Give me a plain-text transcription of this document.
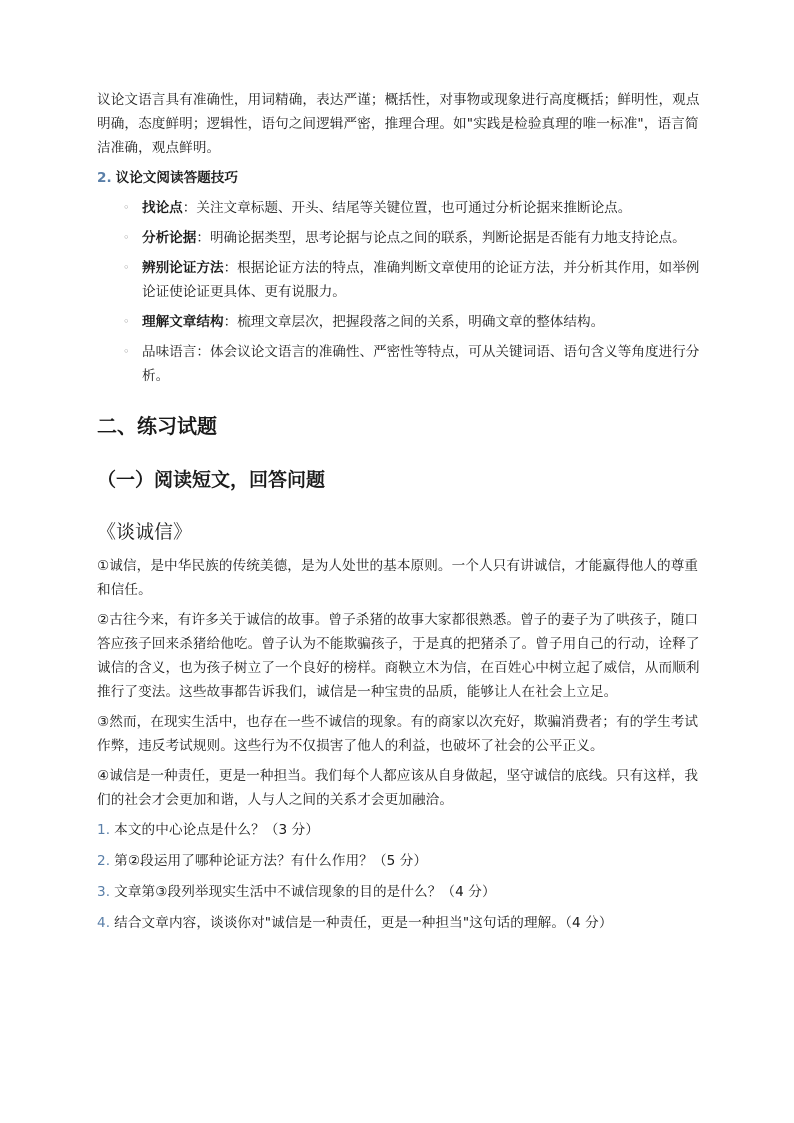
议论文语言具有准确性，用词精确，表达严谨；概括性，对事物或现象进行高度概括；鲜明性，观点明确，态度鲜明；逻辑性，语句之间逻辑严密，推理合理。如"实践是检验真理的唯一标准"，语言简洁准确，观点鲜明。

2. 议论文阅读答题技巧

◦ 找论点：关注文章标题、开头、结尾等关键位置，也可通过分析论据来推断论点。
◦ 分析论据：明确论据类型，思考论据与论点之间的联系，判断论据是否能有力地支持论点。
◦ 辨别论证方法：根据论证方法的特点，准确判断文章使用的论证方法，并分析其作用，如举例论证使论证更具体、更有说服力。
◦ 理解文章结构：梳理文章层次，把握段落之间的关系，明确文章的整体结构。
◦ 品味语言：体会议论文语言的准确性、严密性等特点，可从关键词语、语句含义等角度进行分析。
二、练习试题
（一）阅读短文，回答问题
《谈诚信》

①诚信，是中华民族的传统美德，是为人处世的基本原则。一个人只有讲诚信，才能赢得他人的尊重和信任。

②古往今来，有许多关于诚信的故事。曾子杀猪的故事大家都很熟悉。曾子的妻子为了哄孩子，随口答应孩子回来杀猪给他吃。曾子认为不能欺骗孩子，于是真的把猪杀了。曾子用自己的行动，诠释了诚信的含义，也为孩子树立了一个良好的榜样。商鞅立木为信，在百姓心中树立起了威信，从而顺利推行了变法。这些故事都告诉我们，诚信是一种宝贵的品质，能够让人在社会上立足。

③然而，在现实生活中，也存在一些不诚信的现象。有的商家以次充好，欺骗消费者；有的学生考试作弊，违反考试规则。这些行为不仅损害了他人的利益，也破坏了社会的公平正义。

④诚信是一种责任，更是一种担当。我们每个人都应该从自身做起，坚守诚信的底线。只有这样，我们的社会才会更加和谐，人与人之间的关系才会更加融洽。

1. 本文的中心论点是什么？（3 分）

2. 第②段运用了哪种论证方法？有什么作用？（5 分）

3. 文章第③段列举现实生活中不诚信现象的目的是什么？（4 分）

4. 结合文章内容，谈谈你对"诚信是一种责任，更是一种担当"这句话的理解。（4 分）
